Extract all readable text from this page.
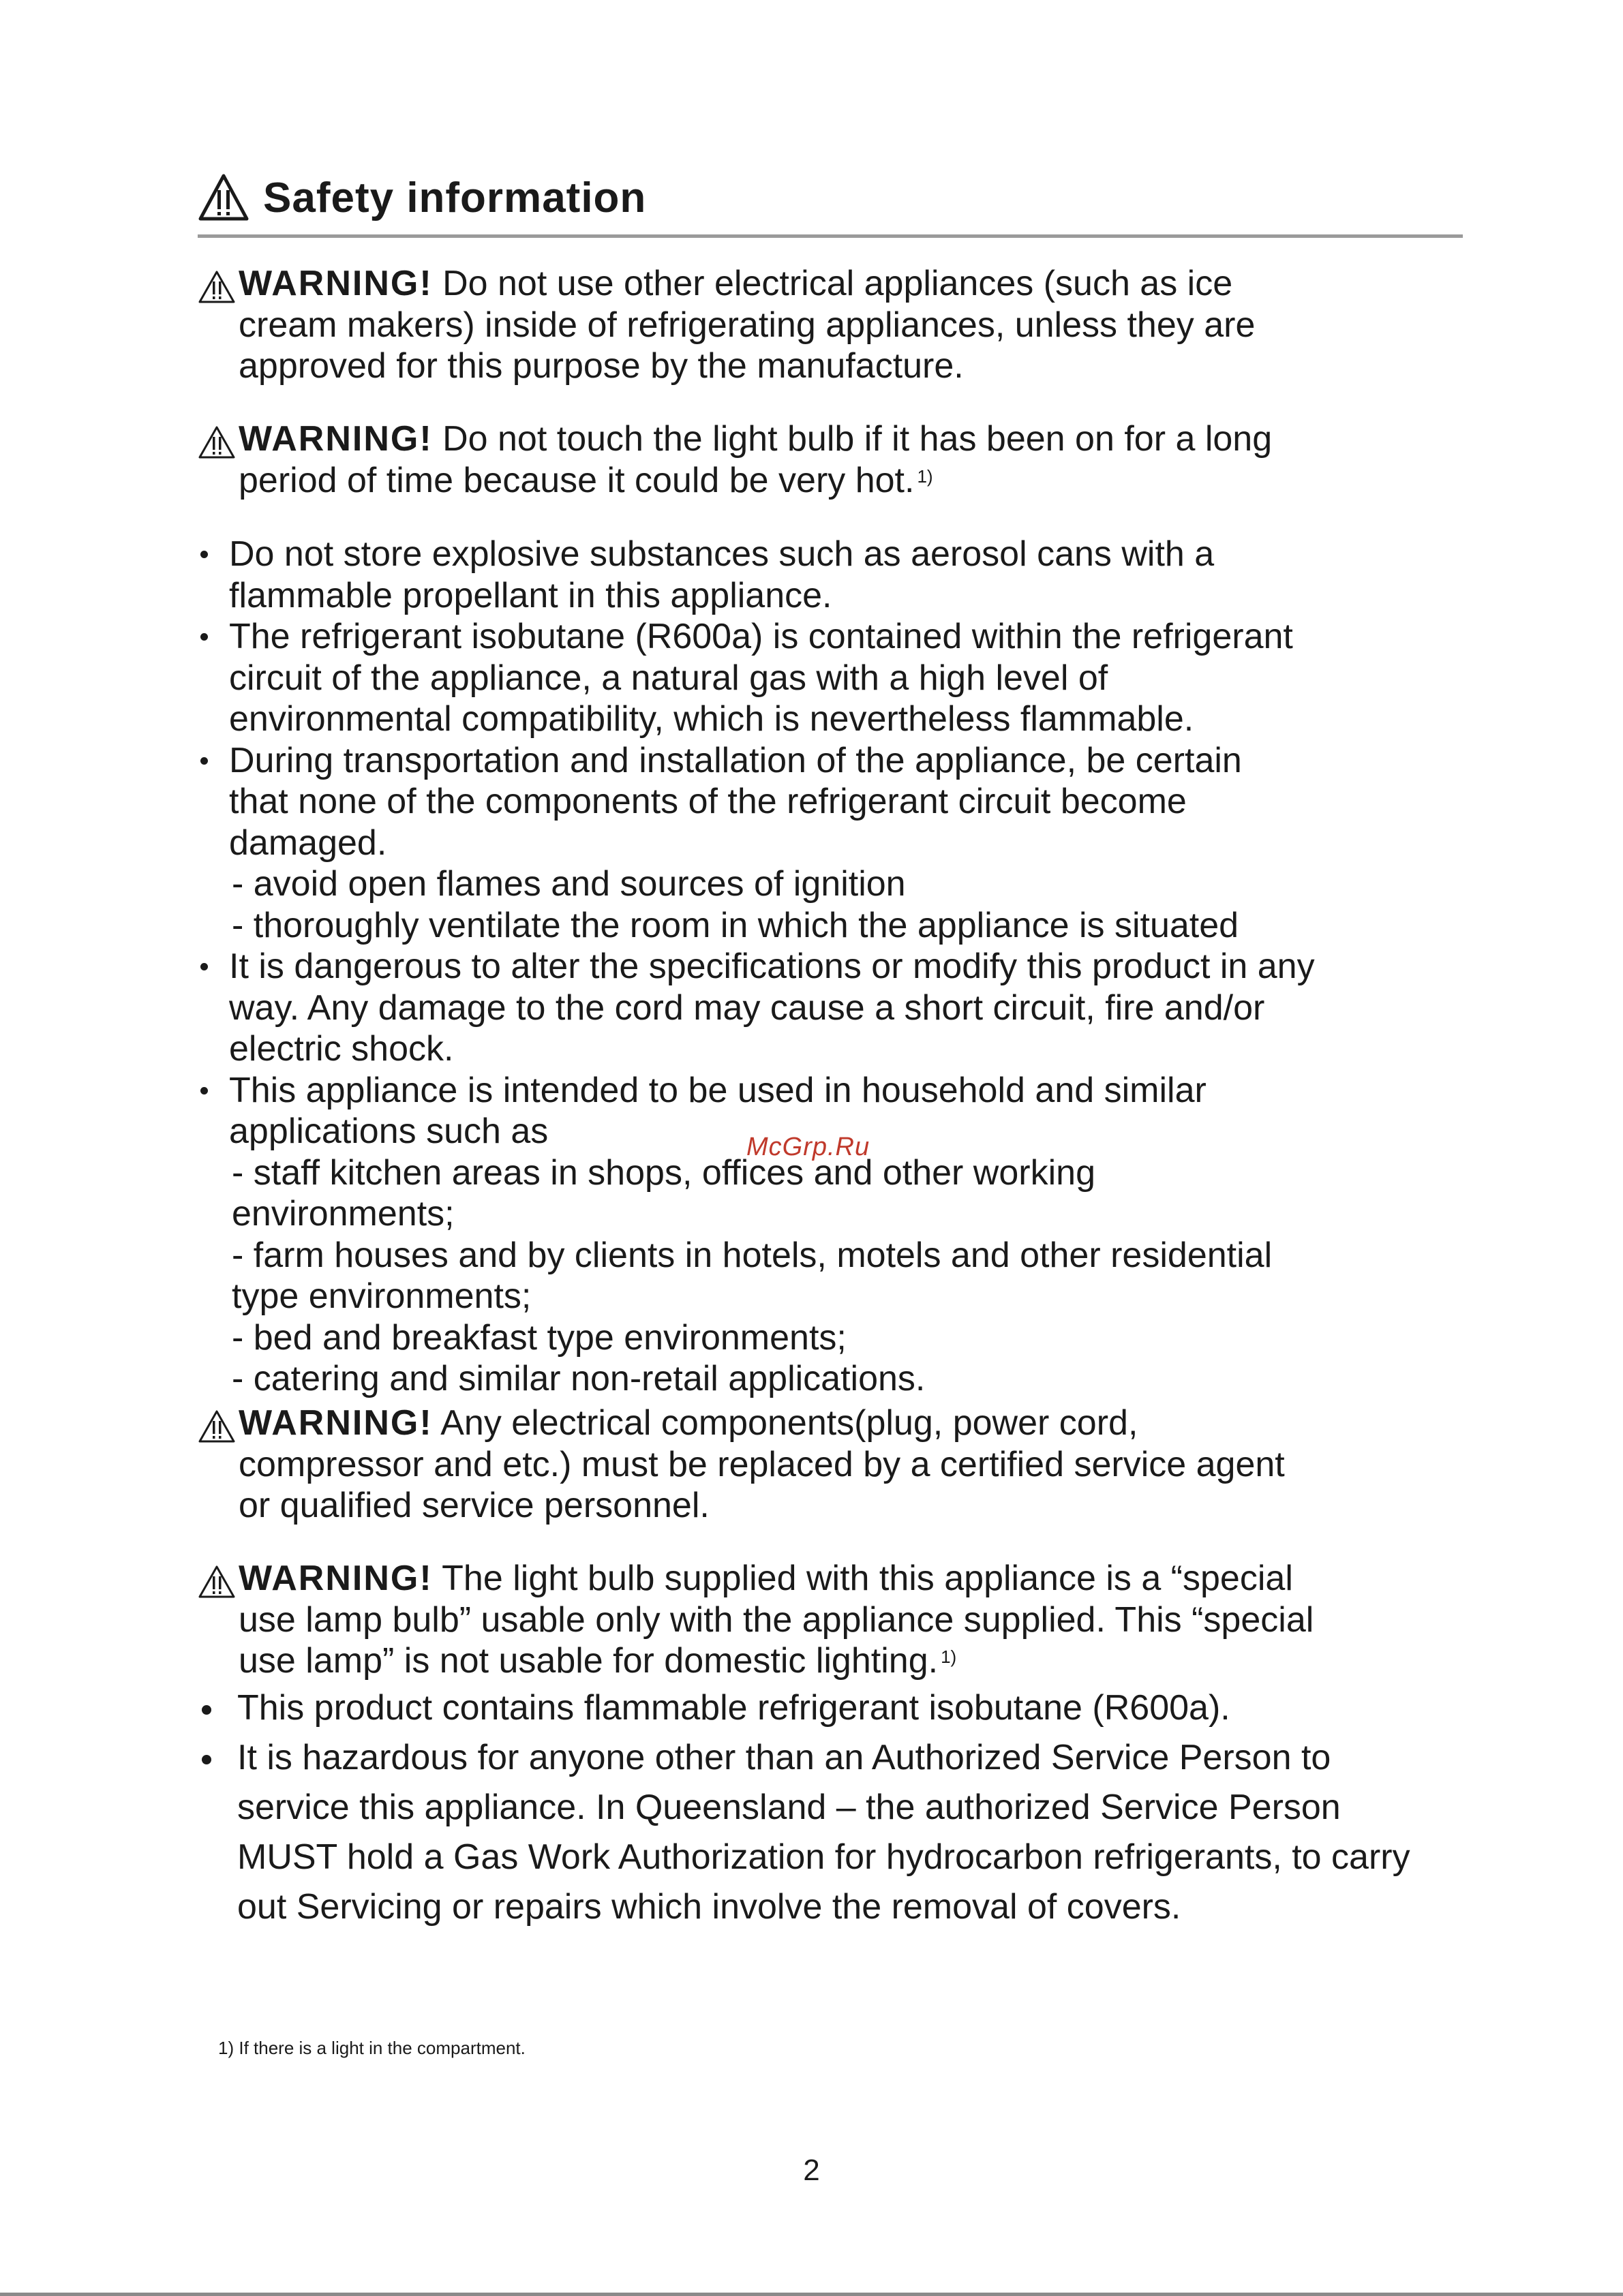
Safety information
WARNING! Do not use other electrical appliances (such as ice
cream makers) inside of refrigerating appliances, unless they are
approved for this purpose by the manufacture.
WARNING! Do not touch the light bulb if it has been on for a long
period of time because it could be very hot. $^{1)}$
Do not store explosive substances such as aerosol cans with a
flammable propellant in this appliance.
The refrigerant isobutane (R600a) is contained within the refrigerant
circuit of the appliance, a natural gas with a high level of
environmental compatibility, which is nevertheless flammable.
During transportation and installation of the appliance, be certain
that none of the components of the refrigerant circuit become
damaged.
- avoid open flames and sources of ignition
- thoroughly ventilate the room in which the appliance is situated
It is dangerous to alter the specifications or modify this product in any
way. Any damage to the cord may cause a short circuit, fire and/or
electric shock.
This appliance is intended to be used in household and similar
applications such as
- staff kitchen areas in shops, offices and other working
environments;
- farm houses and by clients in hotels, motels and other residential
type environments;
- bed and breakfast type environments;
- catering and similar non-retail applications.
WARNING! Any electrical components(plug, power cord,
compressor and etc.) must be replaced by a certified service agent
or qualified service personnel.
WARNING! The light bulb supplied with this appliance is a “special
use lamp bulb” usable only with the appliance supplied. This “special
use lamp” is not usable for domestic lighting. $^{1)}$
This product contains flammable refrigerant isobutane (R600a).
It is hazardous for anyone other than an Authorized Service Person to
service this appliance. In Queensland – the authorized Service Person
MUST hold a Gas Work Authorization for hydrocarbon refrigerants, to carry
out Servicing or repairs which involve the removal of covers.
McGrp.Ru
1) If there is a light in the compartment.
2
